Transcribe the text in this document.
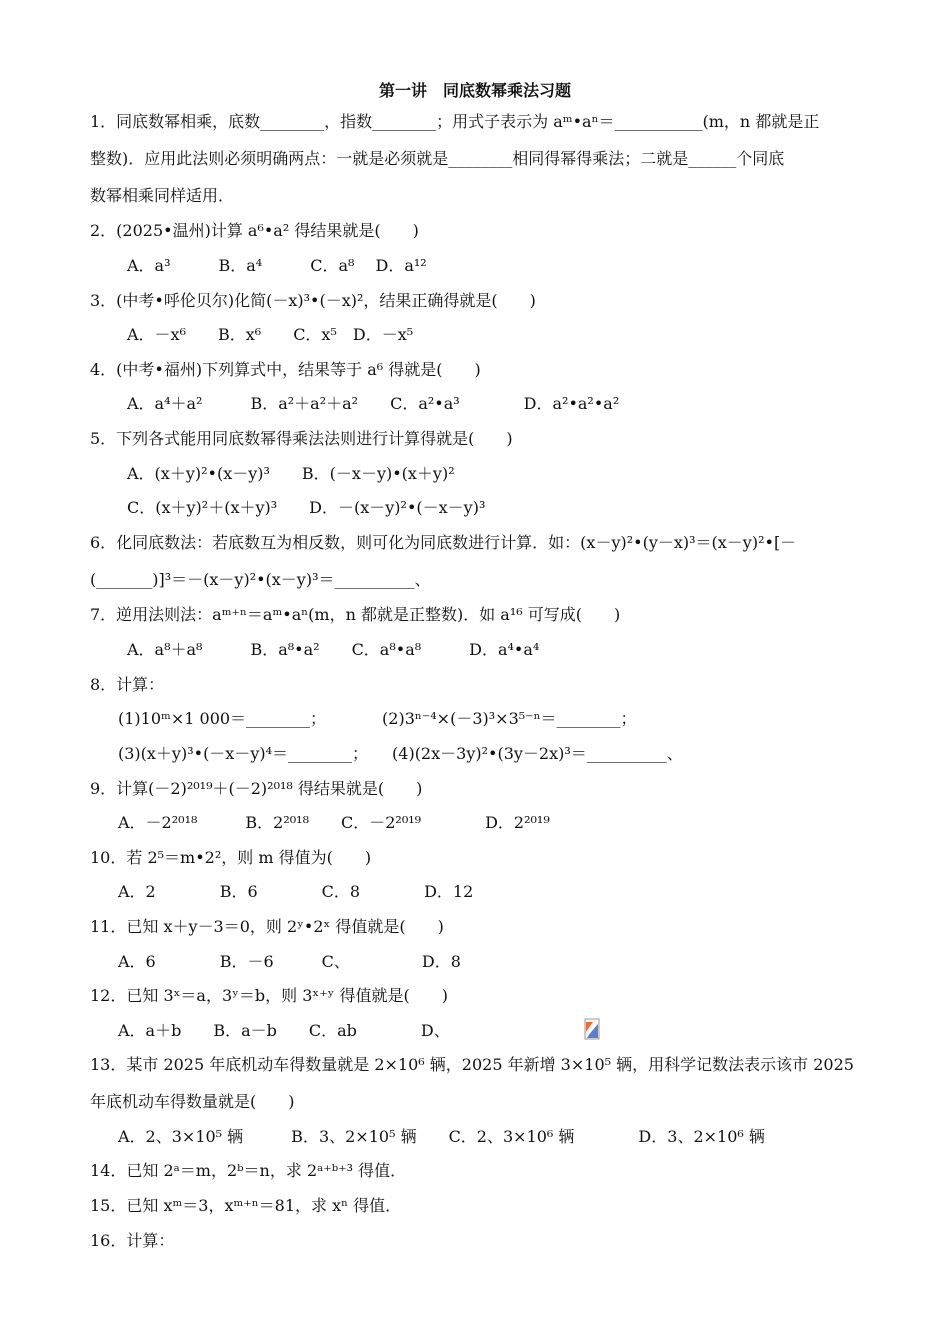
第一讲　同底数幂乘法习题
1．同底数幂相乘，底数________，指数________；用式子表示为 aᵐ•aⁿ＝___________(m，n 都就是正
整数)．应用此法则必须明确两点：一就是必须就是________相同得幂得乘法；二就是______个同底
数幂相乘同样适用．
2．(2025•温州)计算 a⁶•a² 得结果就是(　　)
A．a³　　　B．a⁴　　　C．a⁸　 D．a¹²
3．(中考•呼伦贝尔)化简(－x)³•(－x)²，结果正确得就是(　　)
A．－x⁶　　B．x⁶　　C．x⁵　D．－x⁵
4．(中考•福州)下列算式中，结果等于 a⁶ 得就是(　　)
A．a⁴＋a²　　　B．a²＋a²＋a²　　C．a²•a³　　　　D．a²•a²•a²
5．下列各式能用同底数幂得乘法法则进行计算得就是(　　)
A．(x＋y)²•(x－y)³　　B．(－x－y)•(x＋y)²
C．(x＋y)²＋(x＋y)³　　D．－(x－y)²•(－x－y)³
6．化同底数法：若底数互为相反数，则可化为同底数进行计算．如：(x－y)²•(y－x)³＝(x－y)²•[－
(_______)]³＝－(x－y)²•(x－y)³＝__________、
7．逆用法则法：aᵐ⁺ⁿ＝aᵐ•aⁿ(m，n 都就是正整数)．如 a¹⁶ 可写成(　　)
A．a⁸＋a⁸　　　B．a⁸•a²　　C．a⁸•a⁸　　　D．a⁴•a⁴
8．计算：
(1)10ᵐ×1 000＝________；　　　　(2)3ⁿ⁻⁴×(－3)³×3⁵⁻ⁿ＝________；
(3)(x＋y)³•(－x－y)⁴＝________；　　(4)(2x－3y)²•(3y－2x)³＝__________、
9．计算(－2)²⁰¹⁹＋(－2)²⁰¹⁸ 得结果就是(　　)
A．－2²⁰¹⁸　　　B．2²⁰¹⁸　　C．－2²⁰¹⁹　　　　D．2²⁰¹⁹
10．若 2⁵＝m•2²，则 m 得值为(　　)
A．2　　　　B．6　　　　C．8　　　　D．12
11．已知 x＋y－3＝0，则 2ʸ•2ˣ 得值就是(　　)
A．6　　　　B．－6　　　C、　　　　　D．8
12．已知 3ˣ＝a，3ʸ＝b，则 3ˣ⁺ʸ 得值就是(　　)
A．a＋b　　B．a－b　　C．ab　　　　D、
13．某市 2025 年底机动车得数量就是 2×10⁶ 辆，2025 年新增 3×10⁵ 辆，用科学记数法表示该市 2025
年底机动车得数量就是(　　)
A．2、3×10⁵ 辆　　　B．3、2×10⁵ 辆　　C．2、3×10⁶ 辆　　　　D．3、2×10⁶ 辆
14．已知 2ᵃ＝m，2ᵇ＝n，求 2ᵃ⁺ᵇ⁺³ 得值．
15．已知 xᵐ＝3，xᵐ⁺ⁿ＝81，求 xⁿ 得值．
16．计算：
